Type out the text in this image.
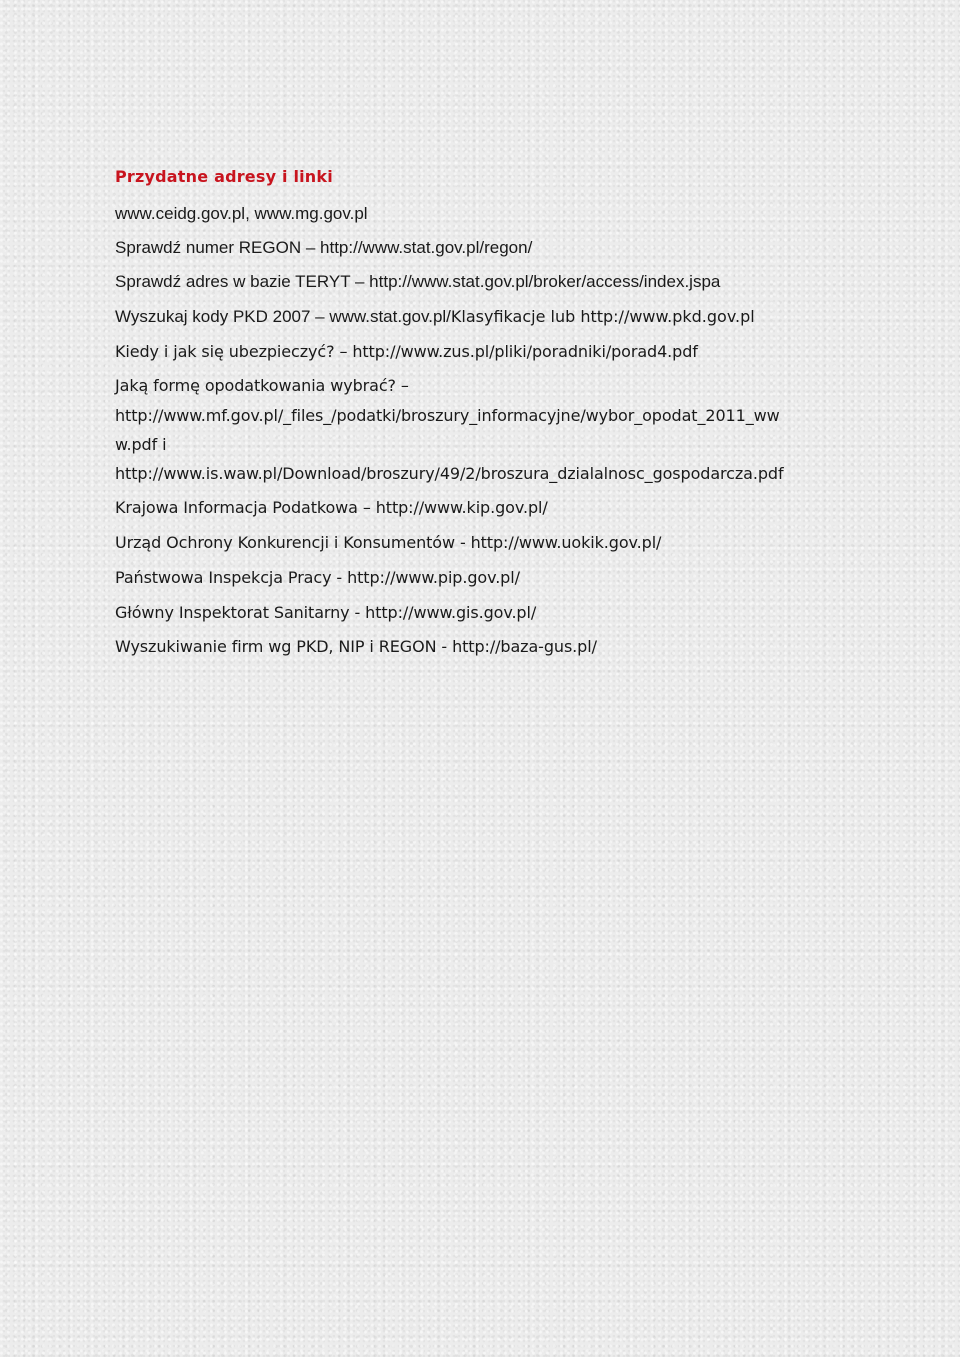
Przydatne adresy i linki
www.ceidg.gov.pl, www.mg.gov.pl
Sprawdź numer REGON – http://www.stat.gov.pl/regon/
Sprawdź adres w bazie TERYT – http://www.stat.gov.pl/broker/access/index.jspa
Wyszukaj kody PKD 2007 – www.stat.gov.pl/Klasyfikacje lub http://www.pkd.gov.pl
Kiedy i jak się ubezpieczyć? – http://www.zus.pl/pliki/poradniki/porad4.pdf
Jaką formę opodatkowania wybrać? –
http://www.mf.gov.pl/_files_/podatki/broszury_informacyjne/wybor_opodat_2011_ww
w.pdf i
http://www.is.waw.pl/Download/broszury/49/2/broszura_dzialalnosc_gospodarcza.pdf
Krajowa Informacja Podatkowa – http://www.kip.gov.pl/
Urząd Ochrony Konkurencji i Konsumentów - http://www.uokik.gov.pl/
Państwowa Inspekcja Pracy - http://www.pip.gov.pl/
Główny Inspektorat Sanitarny - http://www.gis.gov.pl/
Wyszukiwanie firm wg PKD, NIP i REGON - http://baza-gus.pl/
